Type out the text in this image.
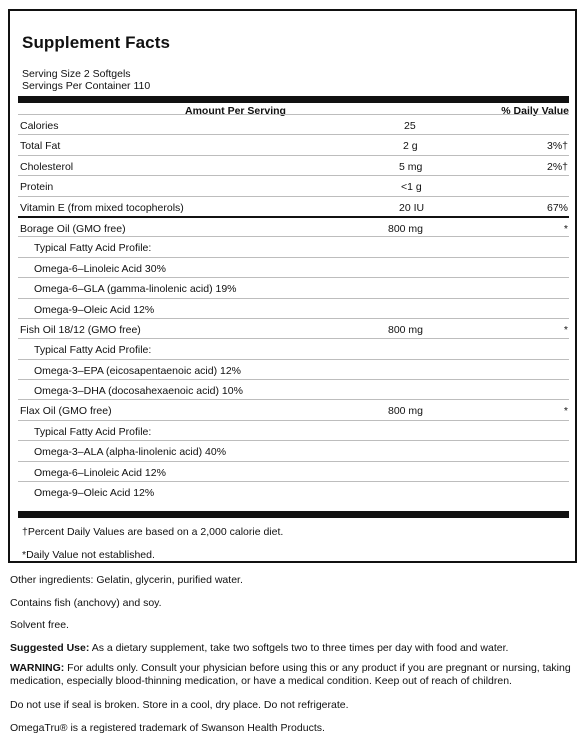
Supplement Facts
Serving Size 2 Softgels
Servings Per Container 110
Amount Per Serving	% Daily Value
Calories	25
Total Fat	2 g	3%†
Cholesterol	5 mg	2%†
Protein	<1 g
Vitamin E (from mixed tocopherols)	20 IU	67%
Borage Oil (GMO free)	800 mg	*
Typical Fatty Acid Profile:
Omega-6–Linoleic Acid 30%
Omega-6–GLA (gamma-linolenic acid) 19%
Omega-9–Oleic Acid 12%
Fish Oil 18/12 (GMO free)	800 mg	*
Typical Fatty Acid Profile:
Omega-3–EPA (eicosapentaenoic acid) 12%
Omega-3–DHA (docosahexaenoic acid) 10%
Flax Oil (GMO free)	800 mg	*
Typical Fatty Acid Profile:
Omega-3–ALA (alpha-linolenic acid) 40%
Omega-6–Linoleic Acid 12%
Omega-9–Oleic Acid 12%
†Percent Daily Values are based on a 2,000 calorie diet.
*Daily Value not established.
Other ingredients: Gelatin, glycerin, purified water.
Contains fish (anchovy) and soy.
Solvent free.
Suggested Use: As a dietary supplement, take two softgels two to three times per day with food and water.
WARNING: For adults only. Consult your physician before using this or any product if you are pregnant or nursing, taking medication, especially blood-thinning medication, or have a medical condition. Keep out of reach of children.
Do not use if seal is broken. Store in a cool, dry place. Do not refrigerate.
OmegaTru® is a registered trademark of Swanson Health Products.
